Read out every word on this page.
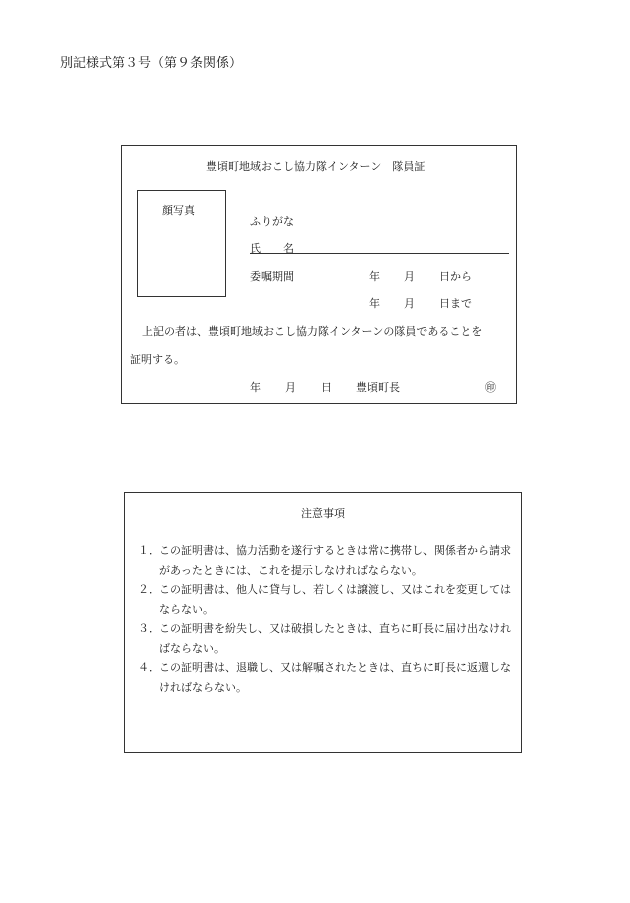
別記様式第３号（第９条関係）
豊頃町地域おこし協力隊インターン　隊員証
顔写真
ふりがな
氏　　名
委嘱期間	年 月 日から
年 月 日まで
上記の者は、豊頃町地域おこし協力隊インターンの隊員であることを
証明する。
年 月 日 豊頃町長	㊞
注意事項
１． この証明書は、協力活動を遂行するときは常に携帯し、関係者から請求があったときには、これを提示しなければならない。
２． この証明書は、他人に貸与し、若しくは譲渡し、又はこれを変更してはならない。
３． この証明書を紛失し、又は破損したときは、直ちに町長に届け出なければならない。
４． この証明書は、退職し、又は解嘱されたときは、直ちに町長に返還しなければならない。
